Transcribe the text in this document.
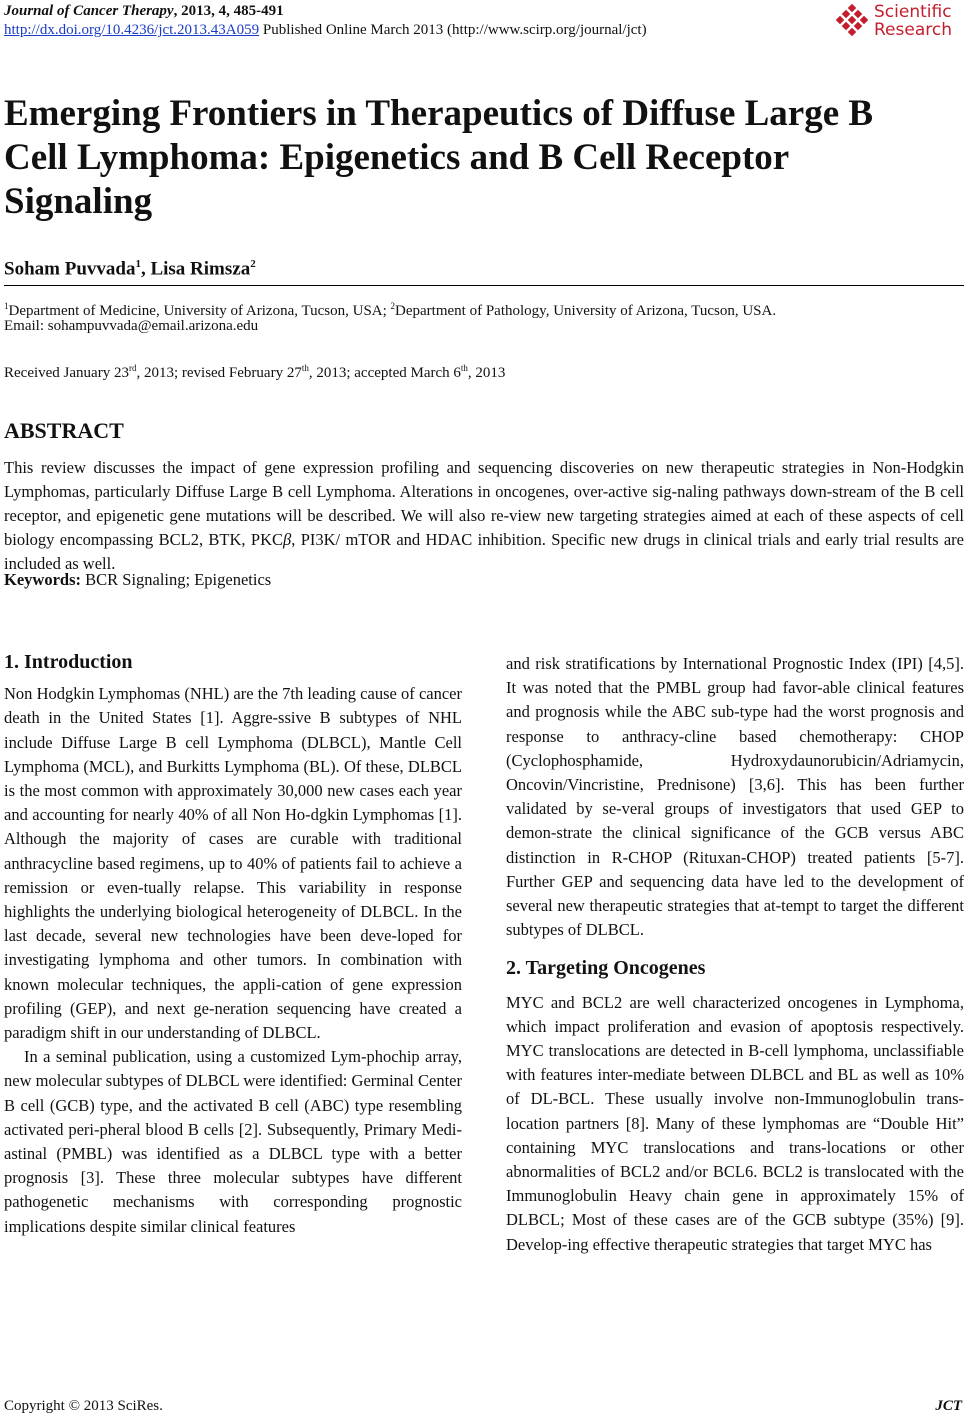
Journal of Cancer Therapy, 2013, 4, 485-491
http://dx.doi.org/10.4236/jct.2013.43A059 Published Online March 2013 (http://www.scirp.org/journal/jct)
Scientific
Research
Emerging Frontiers in Therapeutics of Diffuse Large B Cell Lymphoma: Epigenetics and B Cell Receptor Signaling

Soham Puvvada$^1$, Lisa Rimsza$^2$

$^1$Department of Medicine, University of Arizona, Tucson, USA; $^2$Department of Pathology, University of Arizona, Tucson, USA.
Email: sohampuvvada@email.arizona.edu
Received January 23rd, 2013; revised February 27th, 2013; accepted March 6th, 2013
ABSTRACT

This review discusses the impact of gene expression profiling and sequencing discoveries on new therapeutic strategies in Non-Hodgkin Lymphomas, particularly Diffuse Large B cell Lymphoma. Alterations in oncogenes, over-active sig-naling pathways down-stream of the B cell receptor, and epigenetic gene mutations will be described. We will also re-view new targeting strategies aimed at each of these aspects of cell biology encompassing BCL2, BTK, PKCβ, PI3K/ mTOR and HDAC inhibition. Specific new drugs in clinical trials and early trial results are included as well.

Keywords: BCR Signaling; Epigenetics
1. Introduction

Non Hodgkin Lymphomas (NHL) are the 7th leading cause of cancer death in the United States [1]. Aggre-ssive B subtypes of NHL include Diffuse Large B cell Lymphoma (DLBCL), Mantle Cell Lymphoma (MCL), and Burkitts Lymphoma (BL). Of these, DLBCL is the most common with approximately 30,000 new cases each year and accounting for nearly 40% of all Non Ho-dgkin Lymphomas [1]. Although the majority of cases are curable with traditional anthracycline based regimens, up to 40% of patients fail to achieve a remission or even-tually relapse. This variability in response highlights the underlying biological heterogeneity of DLBCL. In the last decade, several new technologies have been deve-loped for investigating lymphoma and other tumors. In combination with known molecular techniques, the appli-cation of gene expression profiling (GEP), and next ge-neration sequencing have created a paradigm shift in our understanding of DLBCL.

In a seminal publication, using a customized Lym-phochip array, new molecular subtypes of DLBCL were identified: Germinal Center B cell (GCB) type, and the activated B cell (ABC) type resembling activated peri-pheral blood B cells [2]. Subsequently, Primary Medi-astinal (PMBL) was identified as a DLBCL type with a better prognosis [3]. These three molecular subtypes have different pathogenetic mechanisms with corresponding prognostic implications despite similar clinical features

and risk stratifications by International Prognostic Index (IPI) [4,5]. It was noted that the PMBL group had favor-able clinical features and prognosis while the ABC sub-type had the worst prognosis and response to anthracy-cline based chemotherapy: CHOP (Cyclophosphamide, Hydroxydaunorubicin/Adriamycin, Oncovin/Vincristine, Prednisone) [3,6]. This has been further validated by se-veral groups of investigators that used GEP to demon-strate the clinical significance of the GCB versus ABC distinction in R-CHOP (Rituxan-CHOP) treated patients [5-7]. Further GEP and sequencing data have led to the development of several new therapeutic strategies that at-tempt to target the different subtypes of DLBCL.

2. Targeting Oncogenes

MYC and BCL2 are well characterized oncogenes in Lymphoma, which impact proliferation and evasion of apoptosis respectively. MYC translocations are detected in B-cell lymphoma, unclassifiable with features inter-mediate between DLBCL and BL as well as 10% of DL-BCL. These usually involve non-Immunoglobulin trans-location partners [8]. Many of these lymphomas are “Double Hit” containing MYC translocations and trans-locations or other abnormalities of BCL2 and/or BCL6. BCL2 is translocated with the Immunoglobulin Heavy chain gene in approximately 15% of DLBCL; Most of these cases are of the GCB subtype (35%) [9]. Develop-ing effective therapeutic strategies that target MYC has

Copyright © 2013 SciRes.	JCT
